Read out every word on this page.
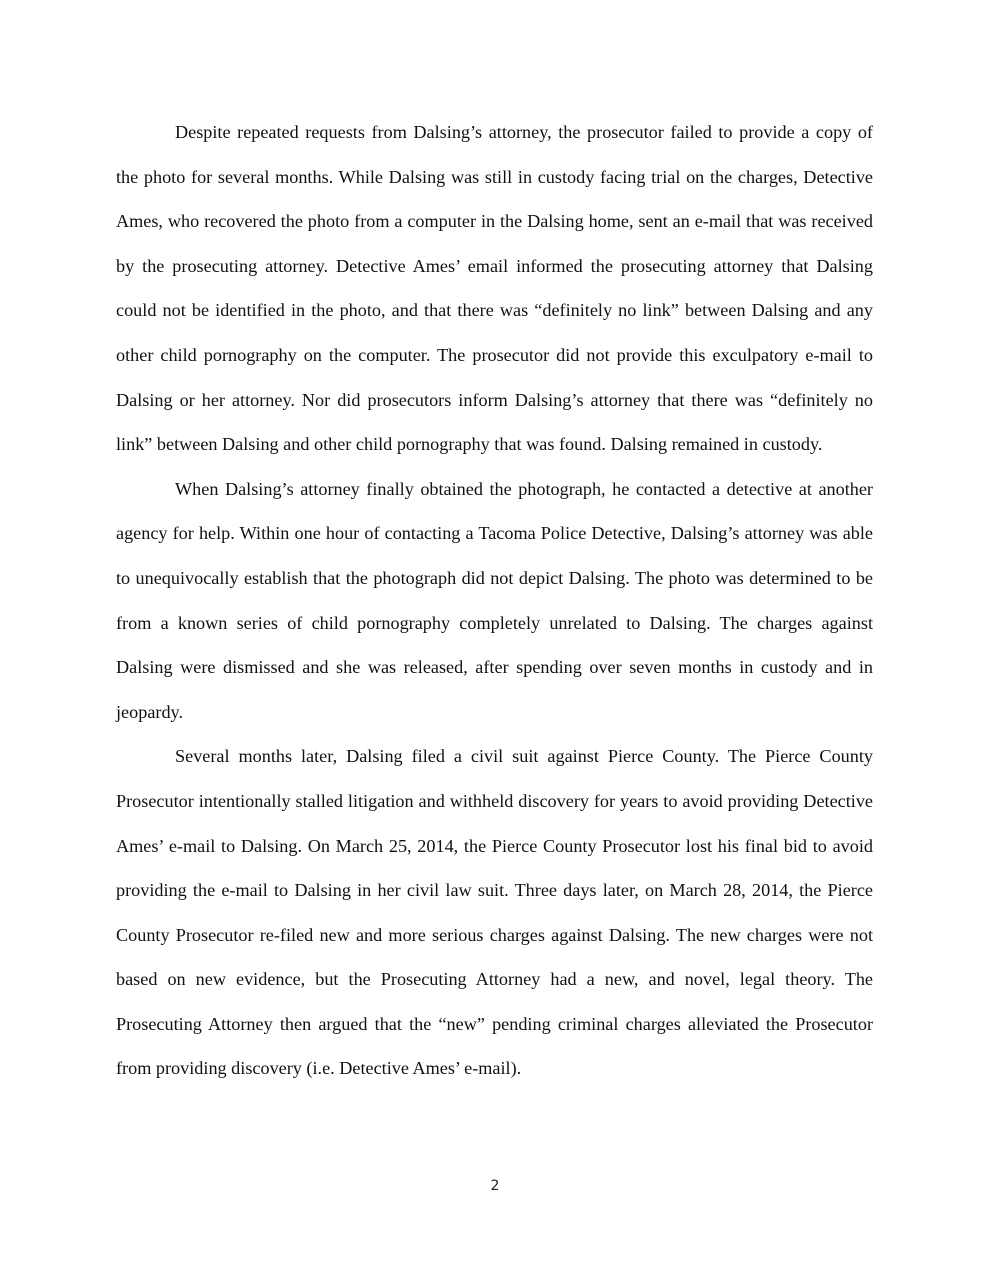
Despite repeated requests from Dalsing’s attorney, the prosecutor failed to provide a copy of the photo for several months. While Dalsing was still in custody facing trial on the charges, Detective Ames, who recovered the photo from a computer in the Dalsing home, sent an e-mail that was received by the prosecuting attorney. Detective Ames’ email informed the prosecuting attorney that Dalsing could not be identified in the photo, and that there was “definitely no link” between Dalsing and any other child pornography on the computer. The prosecutor did not provide this exculpatory e-mail to Dalsing or her attorney. Nor did prosecutors inform Dalsing’s attorney that there was “definitely no link” between Dalsing and other child pornography that was found. Dalsing remained in custody.

When Dalsing’s attorney finally obtained the photograph, he contacted a detective at another agency for help. Within one hour of contacting a Tacoma Police Detective, Dalsing’s attorney was able to unequivocally establish that the photograph did not depict Dalsing. The photo was determined to be from a known series of child pornography completely unrelated to Dalsing. The charges against Dalsing were dismissed and she was released, after spending over seven months in custody and in jeopardy.

Several months later, Dalsing filed a civil suit against Pierce County. The Pierce County Prosecutor intentionally stalled litigation and withheld discovery for years to avoid providing Detective Ames’ e-mail to Dalsing. On March 25, 2014, the Pierce County Prosecutor lost his final bid to avoid providing the e-mail to Dalsing in her civil law suit. Three days later, on March 28, 2014, the Pierce County Prosecutor re-filed new and more serious charges against Dalsing. The new charges were not based on new evidence, but the Prosecuting Attorney had a new, and novel, legal theory. The Prosecuting Attorney then argued that the “new” pending criminal charges alleviated the Prosecutor from providing discovery (i.e. Detective Ames’ e-mail).

2
